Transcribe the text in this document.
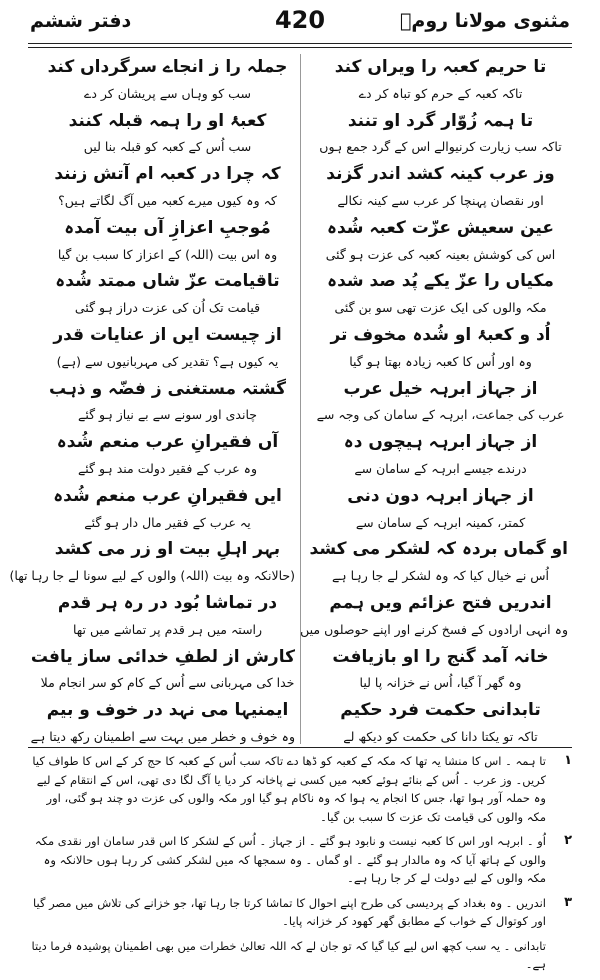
مثنوی مولانا رومؒ
420
دفتر ششم
تا حریم کعبہ را ویراں کند
تاکہ کعبہ کے حرم کو تباہ کر دے
تا ہمہ زُوّار گرد او تنند
تاکہ سب زیارت کرنیوالے اس کے گرد جمع ہوں
وز عرب کینہ کشد اندر گزند
اور نقصان پہنچا کر عرب سے کینہ نکالے
عین سعیش عزّت کعبہ شُدہ
اس کی کوشش بعینہ کعبہ کی عزت ہو گئی
مکیاں را عزّ یکے پُد صد شدہ
مکہ والوں کی ایک عزت تھی سو بن گئی
اُد و کعبۂ او شُدہ مخوف تر
وہ اور اُس کا کعبہ زیادہ بھتا ہو گیا
از جہاز ابرہہ خیل عرب
عرب کی جماعت، ابرہہ کے سامان کی وجہ سے
از جہاز ابرہہ ہیچوں دہ
درندے جیسے ابرہہ کے سامان سے
از جہاز ابرہہ دون دنی
کمتر، کمینہ ابرہہ کے سامان سے
او گماں بردہ کہ لشکر می کشد
اُس نے خیال کیا کہ وہ لشکر لے جا رہا ہے
اندریں فتح عزائم ویں ہمم
وہ انہی ارادوں کے فسخ کرنے اور اپنے حوصلوں میں
خانہ آمد گنج را او بازیافت
وہ گھر آ گیا، اُس نے خزانہ پا لیا
تابدانی حکمت فرد حکیم
تاکہ تو یکتا دانا کی حکمت کو دیکھ لے
جملہ را ز انجاے سرگرداں کند
سب کو وہاں سے پریشان کر دے
کعبۂ او را ہمہ قبلہ کنند
سب اُس کے کعبہ کو قبلہ بنا لیں
کہ چرا در کعبہ ام آتش زنند
کہ وہ کیوں میرے کعبہ میں آگ لگاتے ہیں؟
مُوجبِ اعزازِ آں بیت آمدہ
وہ اس بیت (اللہ) کے اعزاز کا سبب بن گیا
تاقیامت عزّ شاں ممتد شُدہ
قیامت تک اُن کی عزت دراز ہو گئی
از چیست ایں از عنایات قدر
یہ کیوں ہے؟ تقدیر کی مہربانیوں سے (ہے)
گشتہ مستغنی ز فضّہ و ذہب
چاندی اور سونے سے بے نیاز ہو گئے
آں فقیرانِ عرب منعم شُدہ
وہ عرب کے فقیر دولت مند ہو گئے
ایں فقیرانِ عرب منعم شُدہ
یہ عرب کے فقیر مال دار ہو گئے
بہر اہلِ بیت او زر می کشد
(حالانکہ وہ بیت (اللہ) والوں کے لیے سونا لے جا رہا تھا)
در تماشا بُود در رہ ہر قدم
راستہ میں ہر قدم پر تماشے میں تھا
کارش از لطفِ خدائی ساز یافت
خدا کی مہربانی سے اُس کے کام کو سر انجام ملا
ایمنیہا می نہد در خوف و بیم
وہ خوف و خطر میں بہت سے اطمینان رکھ دیتا ہے
۱
تا ہمہ ۔ اس کا منشا یہ تھا کہ مکہ کے کعبہ کو ڈھا دے تاکہ سب اُس کے کعبہ کا حج کر کے اس کا طواف کیا کریں۔ وز عرب ۔ اُس کے بنائے ہوئے کعبہ میں کسی نے پاخانہ کر دیا یا آگ لگا دی تھی، اس کے انتقام کے لیے وہ حملہ آور ہوا تھا، جس کا انجام یہ ہوا کہ وہ ناکام ہو گیا اور مکہ والوں کی عزت دو چند ہو گئی، اور مکہ والوں کی قیامت تک عزت کا سبب بن گیا۔
۲
اُو ۔ ابرہہ اور اس کا کعبہ نیست و نابود ہو گئے ۔ از جہاز ۔ اُس کے لشکر کا اس قدر سامان اور نقدی مکہ والوں کے ہاتھ آیا کہ وہ مالدار ہو گئے ۔ او گماں ۔ وہ سمجھا کہ میں لشکر کشی کر رہا ہوں حالانکہ وہ مکہ والوں کے لیے دولت لے کر جا رہا ہے۔
۳
اندریں ۔ وہ بغداد کے پردیسی کی طرح اپنے احوال کا تماشا کرتا جا رہا تھا، جو خزانے کی تلاش میں مصر گیا اور کوتوال کے خواب کے مطابق گھر کھود کر خزانہ پایا۔
تابدانی ۔ یہ سب کچھ اس لیے کیا گیا کہ تو جان لے کہ اللہ تعالیٰ خطرات میں بھی اطمینان پوشیدہ فرما دیتا ہے۔
